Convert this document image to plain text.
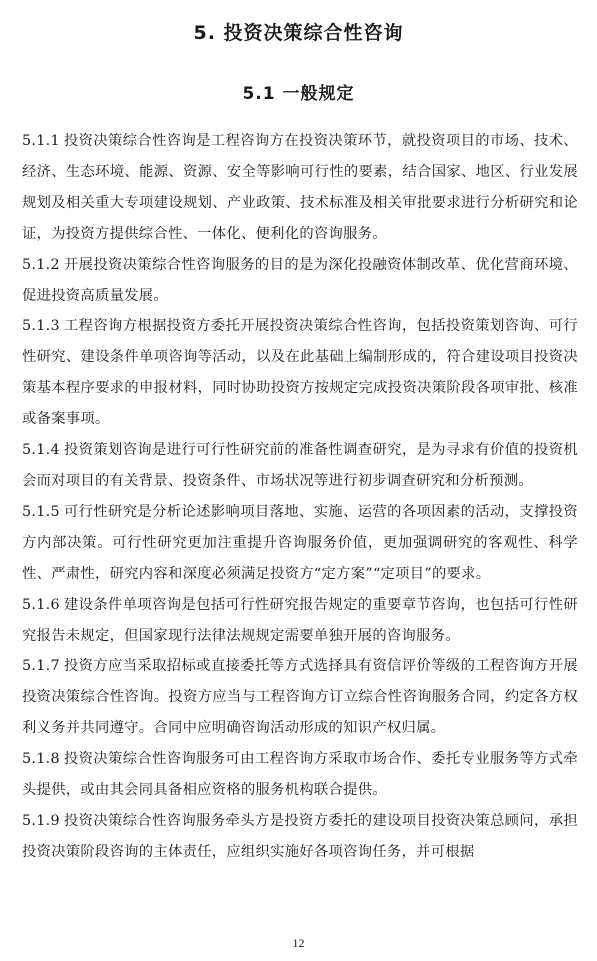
5. 投资决策综合性咨询
5.1 一般规定

5.1.1 投资决策综合性咨询是工程咨询方在投资决策环节，就投资项目的市场、技术、经济、生态环境、能源、资源、安全等影响可行性的要素，结合国家、地区、行业发展规划及相关重大专项建设规划、产业政策、技术标准及相关审批要求进行分析研究和论证，为投资方提供综合性、一体化、便利化的咨询服务。

5.1.2 开展投资决策综合性咨询服务的目的是为深化投融资体制改革、优化营商环境、促进投资高质量发展。

5.1.3 工程咨询方根据投资方委托开展投资决策综合性咨询，包括投资策划咨询、可行性研究、建设条件单项咨询等活动，以及在此基础上编制形成的，符合建设项目投资决策基本程序要求的申报材料，同时协助投资方按规定完成投资决策阶段各项审批、核准或备案事项。

5.1.4 投资策划咨询是进行可行性研究前的准备性调查研究，是为寻求有价值的投资机会而对项目的有关背景、投资条件、市场状况等进行初步调查研究和分析预测。

5.1.5 可行性研究是分析论述影响项目落地、实施、运营的各项因素的活动，支撑投资方内部决策。可行性研究更加注重提升咨询服务价值，更加强调研究的客观性、科学性、严肃性，研究内容和深度必须满足投资方“定方案”“定项目”的要求。

5.1.6 建设条件单项咨询是包括可行性研究报告规定的重要章节咨询，也包括可行性研究报告未规定，但国家现行法律法规规定需要单独开展的咨询服务。

5.1.7 投资方应当采取招标或直接委托等方式选择具有资信评价等级的工程咨询方开展投资决策综合性咨询。投资方应当与工程咨询方订立综合性咨询服务合同，约定各方权利义务并共同遵守。合同中应明确咨询活动形成的知识产权归属。

5.1.8 投资决策综合性咨询服务可由工程咨询方采取市场合作、委托专业服务等方式牵头提供，或由其会同具备相应资格的服务机构联合提供。

5.1.9 投资决策综合性咨询服务牵头方是投资方委托的建设项目投资决策总顾问，承担投资决策阶段咨询的主体责任，应组织实施好各项咨询任务，并可根据

12
